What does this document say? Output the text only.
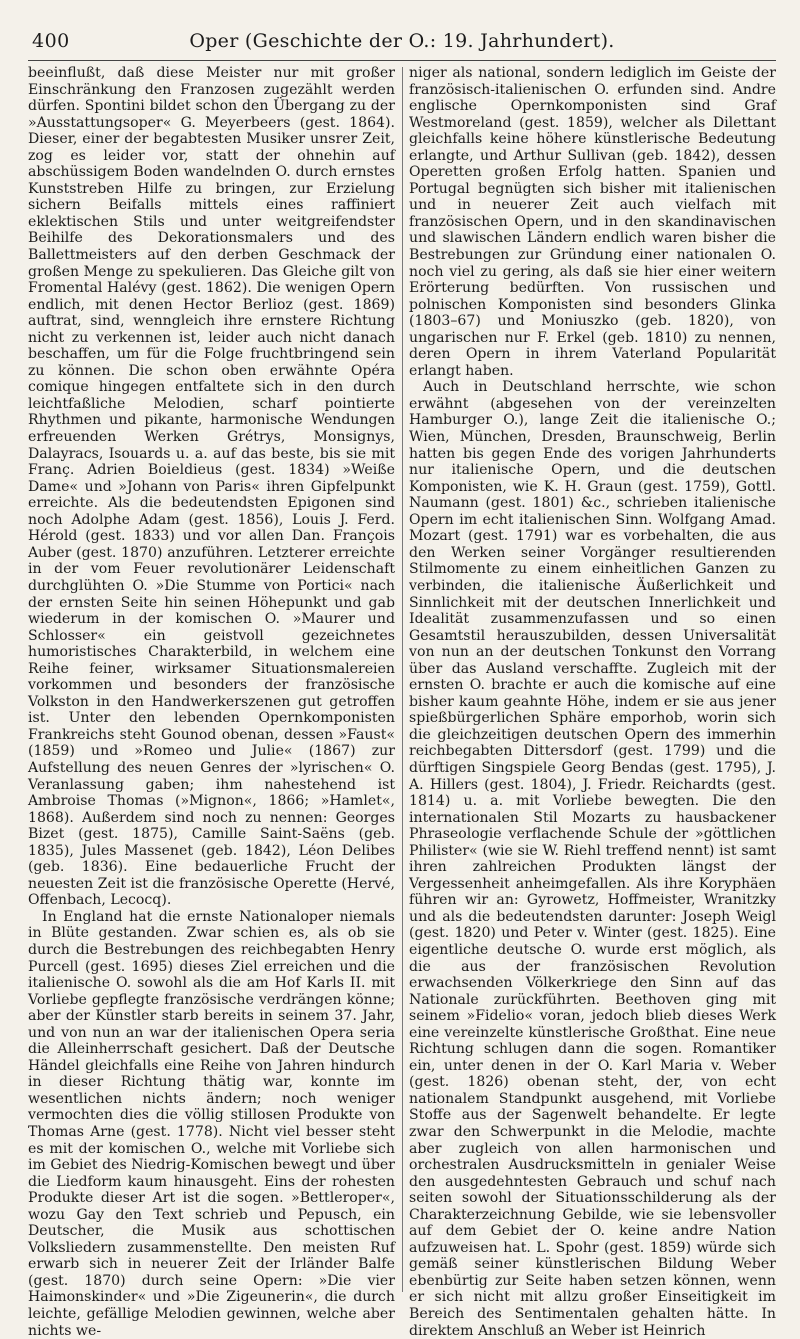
400	Oper (Geschichte der O.: 19. Jahrhundert).

beeinflußt, daß diese Meister nur mit großer Einschränkung den Franzosen zugezählt werden dürfen. Spontini bildet schon den Übergang zu der »Ausstattungsoper« G. Meyerbeers (gest. 1864). Dieser, einer der begabtesten Musiker unsrer Zeit, zog es leider vor, statt der ohnehin auf abschüssigem Boden wandelnden O. durch ernstes Kunststreben Hilfe zu bringen, zur Erzielung sichern Beifalls mittels eines raffiniert eklektischen Stils und unter weitgreifendster Beihilfe des Dekorationsmalers und des Ballettmeisters auf den derben Geschmack der großen Menge zu spekulieren. Das Gleiche gilt von Fromental Halévy (gest. 1862). Die wenigen Opern endlich, mit denen Hector Berlioz (gest. 1869) auftrat, sind, wenngleich ihre ernstere Richtung nicht zu verkennen ist, leider auch nicht danach beschaffen, um für die Folge fruchtbringend sein zu können. Die schon oben erwähnte Opéra comique hingegen entfaltete sich in den durch leichtfaßliche Melodien, scharf pointierte Rhythmen und pikante, harmonische Wendungen erfreuenden Werken Grétrys, Monsignys, Dalayracs, Isouards u. a. auf das beste, bis sie mit Franç. Adrien Boieldieus (gest. 1834) »Weiße Dame« und »Johann von Paris« ihren Gipfelpunkt erreichte. Als die bedeutendsten Epigonen sind noch Adolphe Adam (gest. 1856), Louis J. Ferd. Hérold (gest. 1833) und vor allen Dan. François Auber (gest. 1870) anzuführen. Letzterer erreichte in der vom Feuer revolutionärer Leidenschaft durchglühten O. »Die Stumme von Portici« nach der ernsten Seite hin seinen Höhepunkt und gab wiederum in der komischen O. »Maurer und Schlosser« ein geistvoll gezeichnetes humoristisches Charakterbild, in welchem eine Reihe feiner, wirksamer Situationsmalereien vorkommen und besonders der französische Volkston in den Handwerkerszenen gut getroffen ist. Unter den lebenden Opernkomponisten Frankreichs steht Gounod obenan, dessen »Faust« (1859) und »Romeo und Julie« (1867) zur Aufstellung des neuen Genres der »lyrischen« O. Veranlassung gaben; ihm nahestehend ist Ambroise Thomas (»Mignon«, 1866; »Hamlet«, 1868). Außerdem sind noch zu nennen: Georges Bizet (gest. 1875), Camille Saint-Saëns (geb. 1835), Jules Massenet (geb. 1842), Léon Delibes (geb. 1836). Eine bedauerliche Frucht der neuesten Zeit ist die französische Operette (Hervé, Offenbach, Lecocq).

In England hat die ernste Nationaloper niemals in Blüte gestanden. Zwar schien es, als ob sie durch die Bestrebungen des reichbegabten Henry Purcell (gest. 1695) dieses Ziel erreichen und die italienische O. sowohl als die am Hof Karls II. mit Vorliebe gepflegte französische verdrängen könne; aber der Künstler starb bereits in seinem 37. Jahr, und von nun an war der italienischen Opera seria die Alleinherrschaft gesichert. Daß der Deutsche Händel gleichfalls eine Reihe von Jahren hindurch in dieser Richtung thätig war, konnte im wesentlichen nichts ändern; noch weniger vermochten dies die völlig stillosen Produkte von Thomas Arne (gest. 1778). Nicht viel besser steht es mit der komischen O., welche mit Vorliebe sich im Gebiet des Niedrig-Komischen bewegt und über die Liedform kaum hinausgeht. Eins der rohesten Produkte dieser Art ist die sogen. »Bettleroper«, wozu Gay den Text schrieb und Pepusch, ein Deutscher, die Musik aus schottischen Volksliedern zusammenstellte. Den meisten Ruf erwarb sich in neuerer Zeit der Irländer Balfe (gest. 1870) durch seine Opern: »Die vier Haimonskinder« und »Die Zigeunerin«, die durch leichte, gefällige Melodien gewinnen, welche aber nichts we-

niger als national, sondern lediglich im Geiste der französisch-italienischen O. erfunden sind. Andre englische Opernkomponisten sind Graf Westmoreland (gest. 1859), welcher als Dilettant gleichfalls keine höhere künstlerische Bedeutung erlangte, und Arthur Sullivan (geb. 1842), dessen Operetten großen Erfolg hatten. Spanien und Portugal begnügten sich bisher mit italienischen und in neuerer Zeit auch vielfach mit französischen Opern, und in den skandinavischen und slawischen Ländern endlich waren bisher die Bestrebungen zur Gründung einer nationalen O. noch viel zu gering, als daß sie hier einer weitern Erörterung bedürften. Von russischen und polnischen Komponisten sind besonders Glinka (1803–67) und Moniuszko (geb. 1820), von ungarischen nur F. Erkel (geb. 1810) zu nennen, deren Opern in ihrem Vaterland Popularität erlangt haben.

Auch in Deutschland herrschte, wie schon erwähnt (abgesehen von der vereinzelten Hamburger O.), lange Zeit die italienische O.; Wien, München, Dresden, Braunschweig, Berlin hatten bis gegen Ende des vorigen Jahrhunderts nur italienische Opern, und die deutschen Komponisten, wie K. H. Graun (gest. 1759), Gottl. Naumann (gest. 1801) &c., schrieben italienische Opern im echt italienischen Sinn. Wolfgang Amad. Mozart (gest. 1791) war es vorbehalten, die aus den Werken seiner Vorgänger resultierenden Stilmomente zu einem einheitlichen Ganzen zu verbinden, die italienische Äußerlichkeit und Sinnlichkeit mit der deutschen Innerlichkeit und Idealität zusammenzufassen und so einen Gesamtstil herauszubilden, dessen Universalität von nun an der deutschen Tonkunst den Vorrang über das Ausland verschaffte. Zugleich mit der ernsten O. brachte er auch die komische auf eine bisher kaum geahnte Höhe, indem er sie aus jener spießbürgerlichen Sphäre emporhob, worin sich die gleichzeitigen deutschen Opern des immerhin reichbegabten Dittersdorf (gest. 1799) und die dürftigen Singspiele Georg Bendas (gest. 1795), J. A. Hillers (gest. 1804), J. Friedr. Reichardts (gest. 1814) u. a. mit Vorliebe bewegten. Die den internationalen Stil Mozarts zu hausbackener Phraseologie verflachende Schule der »göttlichen Philister« (wie sie W. Riehl treffend nennt) ist samt ihren zahlreichen Produkten längst der Vergessenheit anheimgefallen. Als ihre Koryphäen führen wir an: Gyrowetz, Hoffmeister, Wranitzky und als die bedeutendsten darunter: Joseph Weigl (gest. 1820) und Peter v. Winter (gest. 1825). Eine eigentliche deutsche O. wurde erst möglich, als die aus der französischen Revolution erwachsenden Völkerkriege den Sinn auf das Nationale zurückführten. Beethoven ging mit seinem »Fidelio« voran, jedoch blieb dieses Werk eine vereinzelte künstlerische Großthat. Eine neue Richtung schlugen dann die sogen. Romantiker ein, unter denen in der O. Karl Maria v. Weber (gest. 1826) obenan steht, der, von echt nationalem Standpunkt ausgehend, mit Vorliebe Stoffe aus der Sagenwelt behandelte. Er legte zwar den Schwerpunkt in die Melodie, machte aber zugleich von allen harmonischen und orchestralen Ausdrucksmitteln in genialer Weise den ausgedehntesten Gebrauch und schuf nach seiten sowohl der Situationsschilderung als der Charakterzeichnung Gebilde, wie sie lebensvoller auf dem Gebiet der O. keine andre Nation aufzuweisen hat. L. Spohr (gest. 1859) würde sich gemäß seiner künstlerischen Bildung Weber ebenbürtig zur Seite haben setzen können, wenn er sich nicht mit allzu großer Einseitigkeit im Bereich des Sentimentalen gehalten hätte. In direktem Anschluß an Weber ist Heinrich
